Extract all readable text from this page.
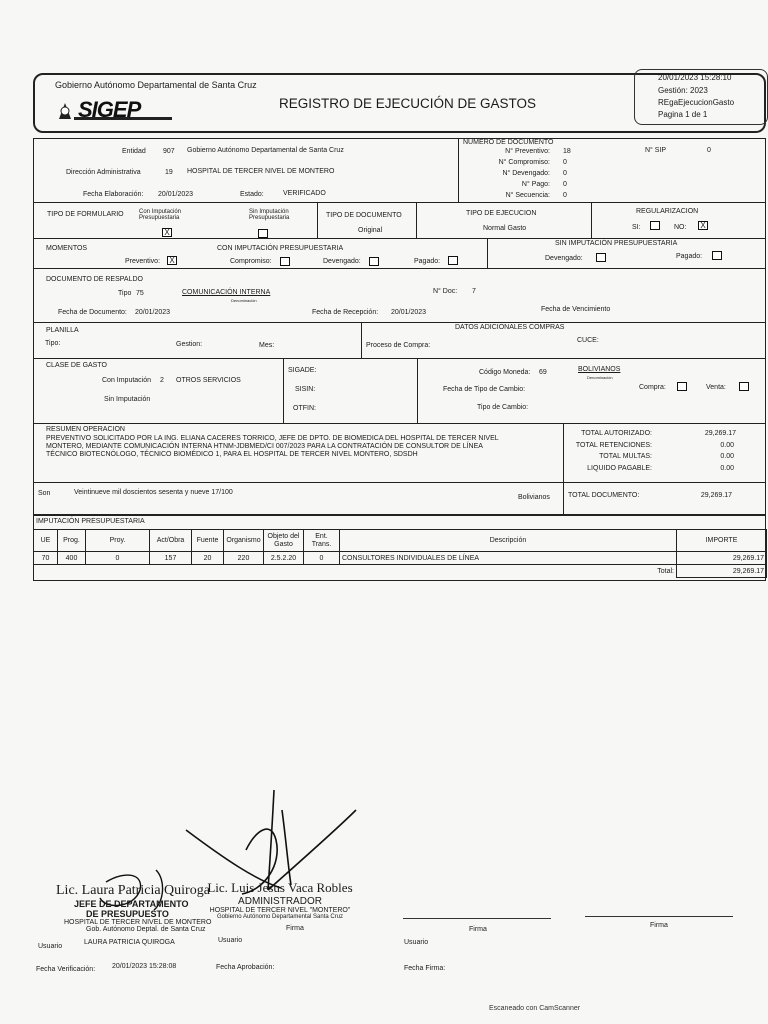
Gobierno Autónomo Departamental de Santa Cruz
SIGEP	REGISTRO DE EJECUCIÓN DE GASTOS
20/01/2023 15:28:10
Gestión: 2023
REgaEjecucionGasto
Pagina 1 de 1
Entidad 907 Gobierno Autónomo Departamental de Santa Cruz
Dirección Administrativa	19 HOSPITAL DE TERCER NIVEL DE MONTERO
Fecha Elaboración: 20/01/2023	Estado:	VERIFICADO
NUMERO DE DOCUMENTO
N° Preventivo: 18
N° Compromiso: 0
N° Devengado: 0
N° Pago: 0
N° Secuencia: 0
N° SIP	0
TIPO DE FORMULARIO	Con Imputación Presupuestaria
X
Sin Imputación Presupuestaria	TIPO DE DOCUMENTO
Original
TIPO DE EJECUCION
Normal Gasto
REGULARIZACION
SI:	NO: X
MOMENTOS	CON IMPUTACIÓN PRESUPUESTARIA
SIN IMPUTACIÓN PRESUPUESTARIA
Preventivo: X	Compromiso:	Devengado:	Pagado:	Devengado:	Pagado:
DOCUMENTO DE RESPALDO
Tipo 75	COMUNICACIÓN INTERNA
Denominación
N° Doc: 7
Fecha de Documento: 20/01/2023	Fecha de Recepción: 20/01/2023	Fecha de Vencimiento
PLANILLA
Tipo:	Gestion:	Mes:	Proceso de Compra:
DATOS ADICIONALES COMPRAS
CUCE:
CLASE DE GASTO
Con Imputación 2 OTROS SERVICIOS
Sin Imputación
SIGADE:
SISIN:
OTFIN:
Código Moneda: 69	BOLIVIANOS
Denominación
Fecha de Tipo de Cambio:
Tipo de Cambio:
Compra:	Venta:
RESUMEN OPERACION
PREVENTIVO SOLICITADO POR LA ING. ELIANA CACERES TORRICO, JEFE DE DPTO. DE BIOMEDICA DEL HOSPITAL DE TERCER NIVEL
MONTERO, MEDIANTE COMUNICACIÓN INTERNA HTNM-JDBMED/CI 007/2023 PARA LA CONTRATACIÓN DE CONSULTOR DE LÍNEA
TÉCNICO BIOTECNÓLOGO, TÉCNICO BIOMÉDICO 1, PARA EL HOSPITAL DE TERCER NIVEL MONTERO, SDSDH
TOTAL AUTORIZADO:	29,269.17
TOTAL RETENCIONES:	0.00
TOTAL MULTAS:	0.00
LIQUIDO PAGABLE:	0.00
Son	Veintinueve mil doscientos sesenta y nueve 17/100
Bolivianos	TOTAL DOCUMENTO:	29,269.17
IMPUTACIÓN PRESUPUESTARIA
UE	Prog.	Proy.	Act/Obra	Fuente	Organismo	Objeto del Gasto	Ent. Trans.	Descripción	IMPORTE
70	400	0	157	20	220	2.5.2.20	0	CONSULTORES INDIVIDUALES DE LÍNEA	29,269.17
								Total:	29,269.17
Lic. Laura Patricia Quiroga
JEFE DE DEPARTAMENTO
DE PRESUPUESTO
HOSPITAL DE TERCER NIVEL DE MONTERO
Gob. Autónomo Deptal. de Santa Cruz
Lic. Luis Jesus Vaca Robles
ADMINISTRADOR
HOSPITAL DE TERCER NIVEL "MONTERO"
Gobierno Autónomo Departamental Santa Cruz
Firma	Firma
Firma
Usuario
LAURA PATRICIA QUIROGA	Usuario	Usuario
Fecha Verificación: 20/01/2023 15:28:08	Fecha Aprobación:	Fecha Firma:
Escaneado con CamScanner
